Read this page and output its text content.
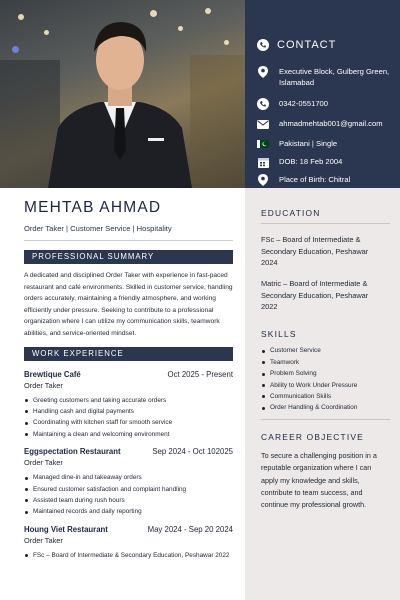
CONTACT
Executive Block, Gulberg Green, Islamabad
0342-0551700
ahmadmehtab001@gmail.com
Pakistani | Single
DOB: 18 Feb 2004
Place of Birth: Chitral
MEHTAB AHMAD
Order Taker | Customer Service | Hospitality
PROFESSIONAL SUMMARY
A dedicated and disciplined Order Taker with experience in fast-paced restaurant and café environments. Skilled in customer service, handling orders accurately, maintaining a friendly atmosphere, and working efficiently under pressure. Seeking to contribute to a professional organization where I can utilize my communication skills, teamwork abilities, and service-oriented mindset.
WORK EXPERIENCE
Brewtique Café	Oct 2025 - Present
Order Taker
Greeting customers and taking accurate orders
Handling cash and digital payments
Coordinating with kitchen staff for smooth service
Maintaining a clean and welcoming environment
Eggspectation Restaurant	Sep 2024 - Oct 102025
Order Taker
Managed dine-in and takeaway orders
Ensured customer satisfaction and complaint handling
Assisted team during rush hours
Maintained records and daily reporting
Houng Viet Restaurant	May 2024 - Sep 20 2024
Order Taker
FSc – Board of Intermediate & Secondary Education, Peshawar 2022
EDUCATION
FSc – Board of Intermediate & Secondary Education, Peshawar
2024
Matric – Board of Intermediate & Secondary Education, Peshawar
2022
SKILLS
Customer Service
Teamwork
Problem Solving
Ability to Work Under Pressure
Communication Skills
Order Handling & Coordination
CAREER OBJECTIVE
To secure a challenging position in a reputable organization where I can apply my knowledge and skills, contribute to team success, and continue my professional growth.
